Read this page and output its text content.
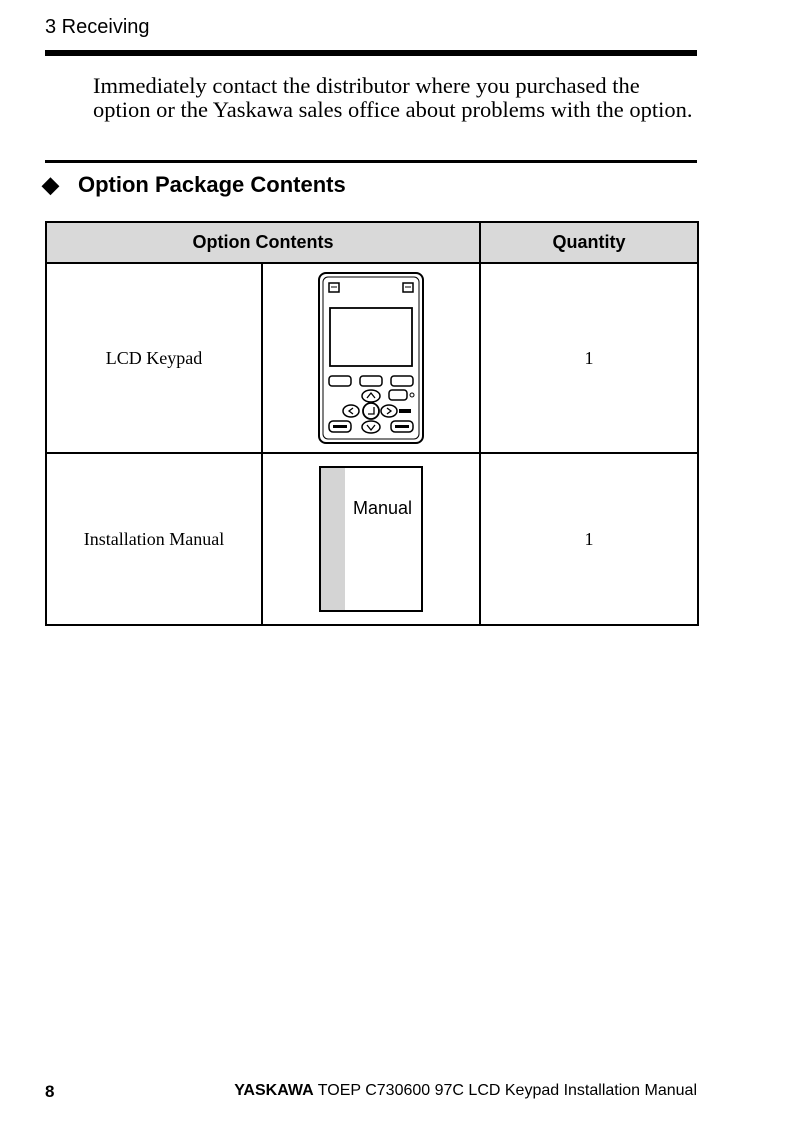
3 Receiving
Immediately contact the distributor where you purchased the option or the Yaskawa sales office about problems with the option.
◆ Option Package Contents
Option Contents		Quantity
LCD Keypad		1
Installation Manual	Manual	1
8	YASKAWA TOEP C730600 97C LCD Keypad Installation Manual
